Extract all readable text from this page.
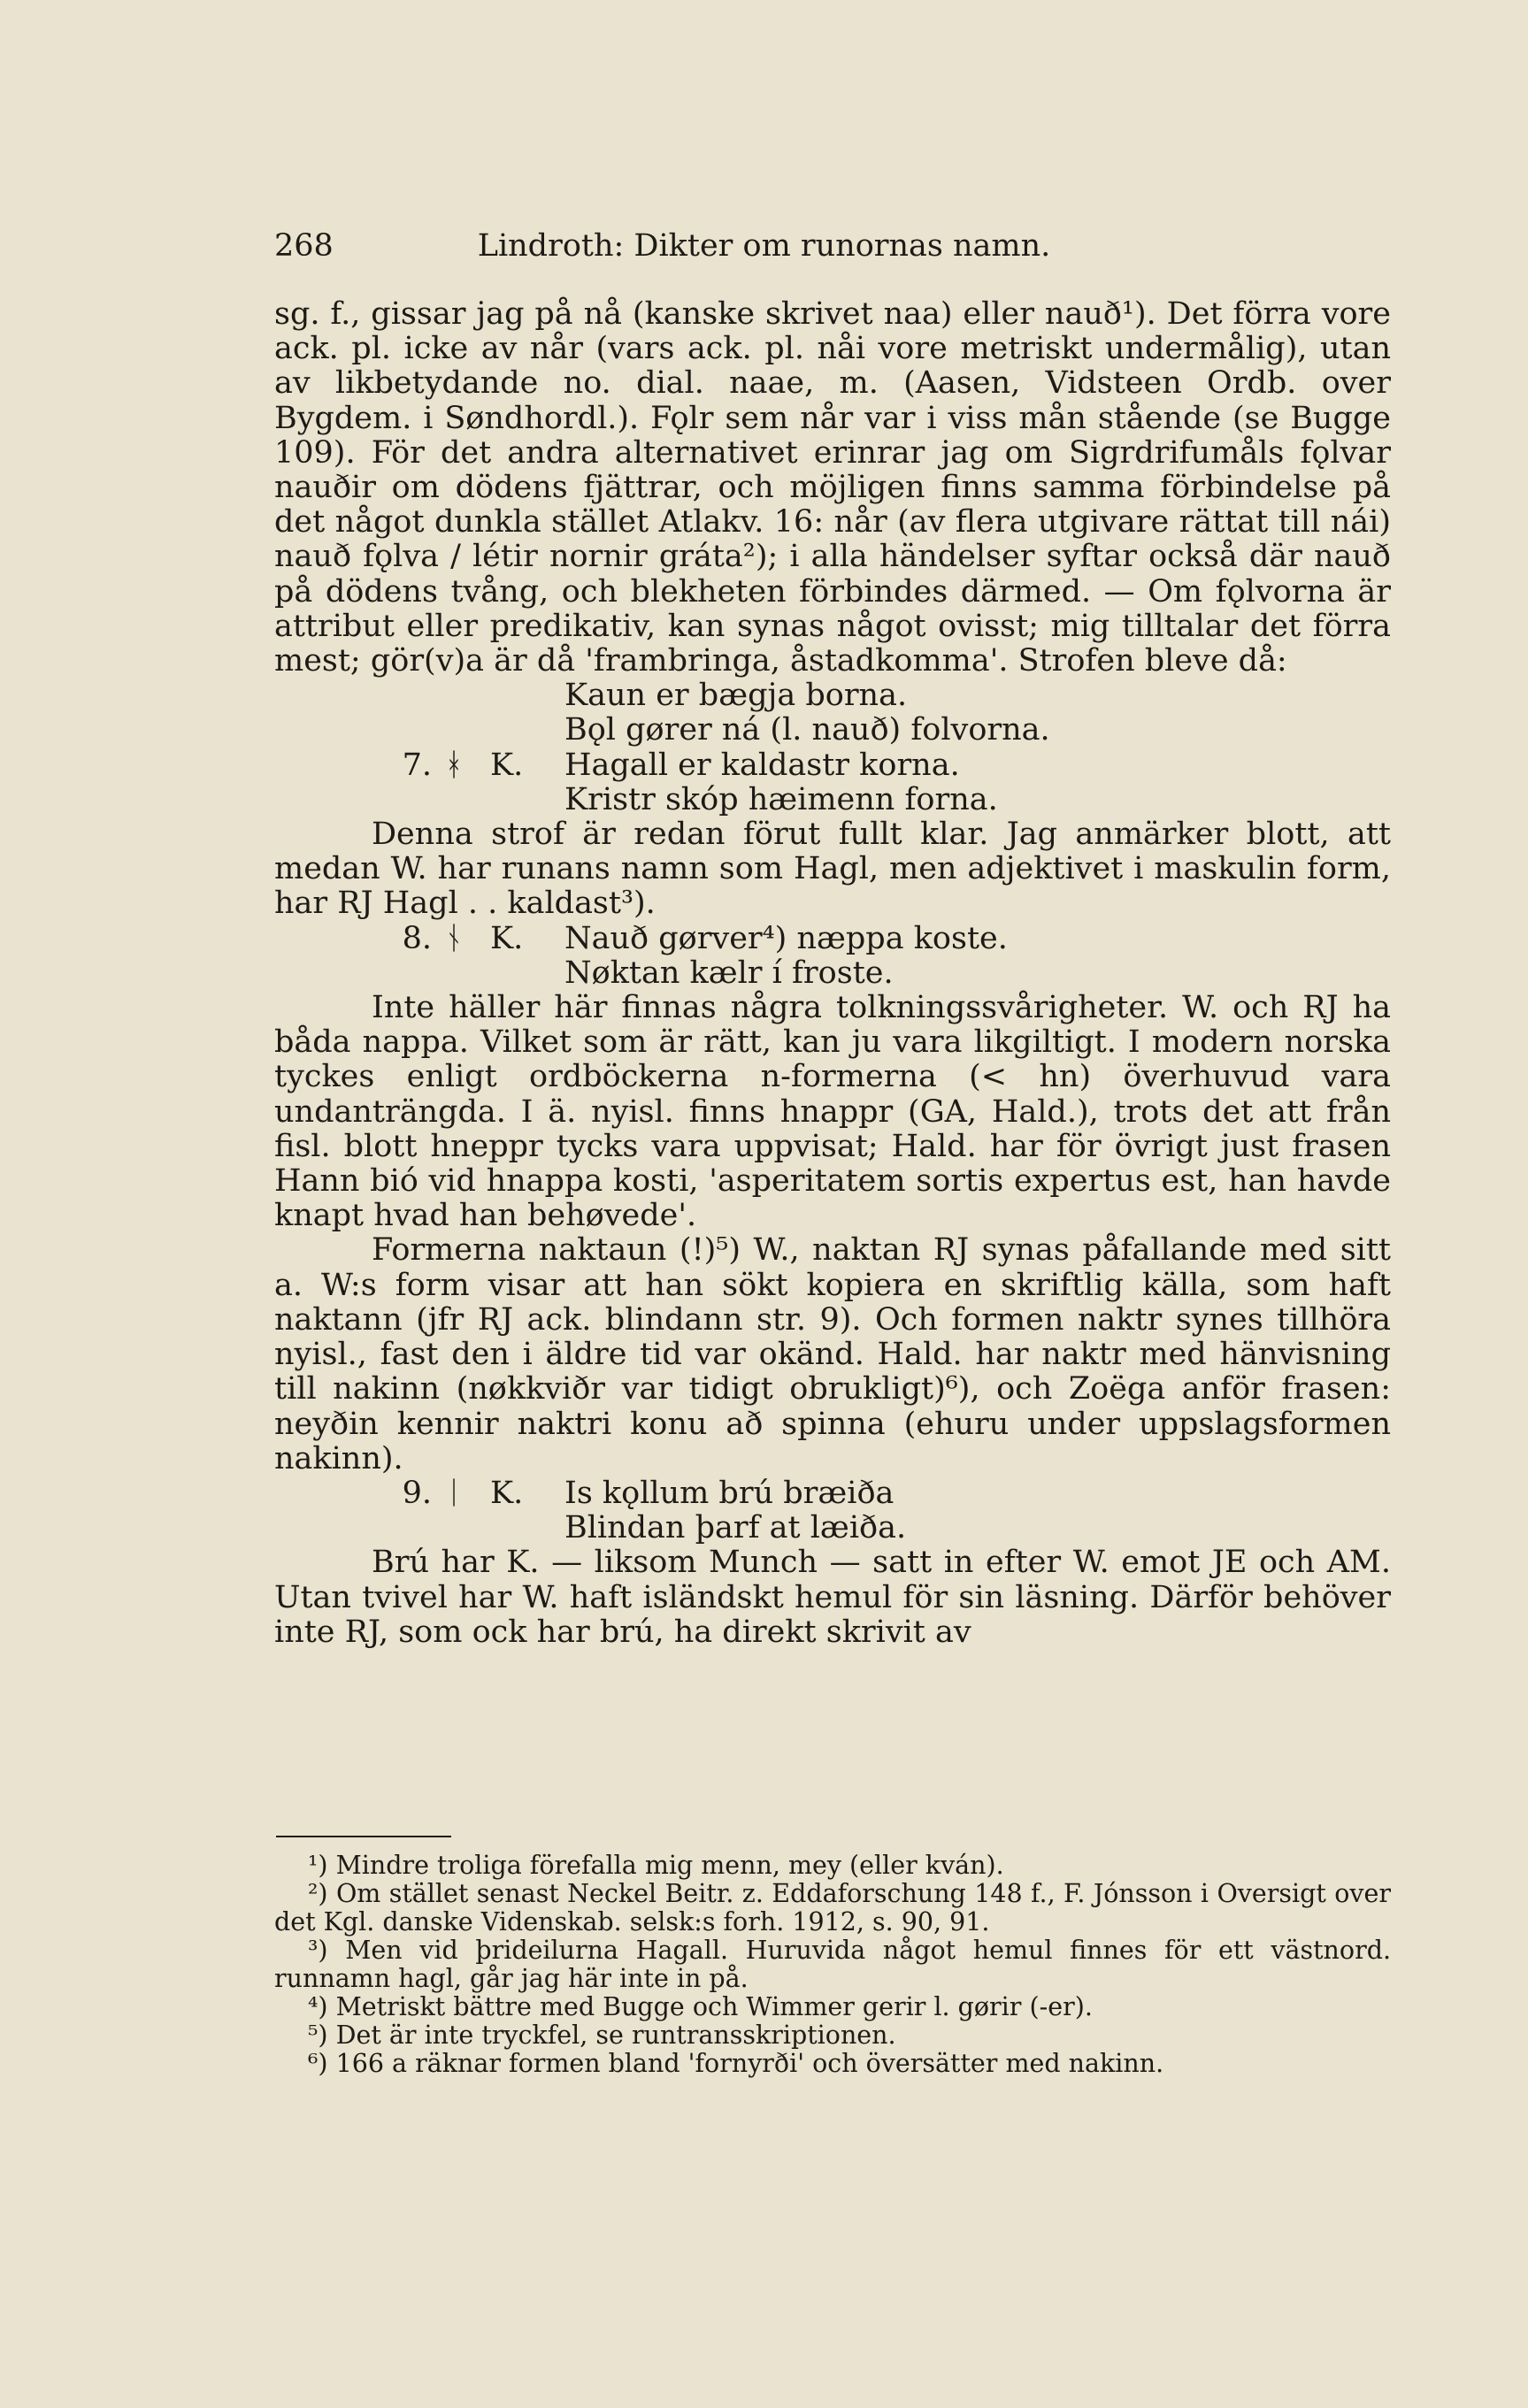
268	Lindroth: Dikter om runornas namn.

sg. f., gissar jag på nå (kanske skrivet naa) eller nauð¹). Det förra vore ack. pl. icke av når (vars ack. pl. nåi vore metriskt undermålig), utan av likbetydande no. dial. naae, m. (Aasen, Vidsteen Ordb. over Bygdem. i Søndhordl.). Fǫlr sem når var i viss mån stående (se Bugge 109). För det andra alternativet erinrar jag om Sigrdrifumåls fǫlvar nauðir om dödens fjättrar, och möjligen finns samma förbindelse på det något dunkla stället Atlakv. 16: når (av flera utgivare rättat till nái) nauð fǫlva / létir nornir gráta²); i alla händelser syftar också där nauð på dödens tvång, och blekheten förbindes därmed. — Om fǫlvorna är attribut eller predikativ, kan synas något ovisst; mig tilltalar det förra mest; gör(v)a är då 'frambringa, åstadkomma'. Strofen bleve då:

Kaun er bægja borna.

Bǫl gører ná (l. nauð) folvorna.

7. ᚼ K. Hagall er kaldastr korna.

Kristr skóp hæimenn forna.

Denna strof är redan förut fullt klar. Jag anmärker blott, att medan W. har runans namn som Hagl, men adjektivet i maskulin form, har RJ Hagl . . kaldast³).

8. ᚾ K. Nauð gørver⁴) næppa koste.

Nøktan kælr í froste.

Inte häller här finnas några tolkningssvårigheter. W. och RJ ha båda nappa. Vilket som är rätt, kan ju vara likgiltigt. I modern norska tyckes enligt ordböckerna n-formerna (< hn) överhuvud vara undanträngda. I ä. nyisl. finns hnappr (GA, Hald.), trots det att från fisl. blott hneppr tycks vara uppvisat; Hald. har för övrigt just frasen Hann bió vid hnappa kosti, 'asperitatem sortis expertus est, han havde knapt hvad han behøvede'.

Formerna naktaun (!)⁵) W., naktan RJ synas påfallande med sitt a. W:s form visar att han sökt kopiera en skriftlig källa, som haft naktann (jfr RJ ack. blindann str. 9). Och formen naktr synes tillhöra nyisl., fast den i äldre tid var okänd. Hald. har naktr med hänvisning till nakinn (nøkkviðr var tidigt obrukligt)⁶), och Zoëga anför frasen: neyðin kennir naktri konu að spinna (ehuru under uppslagsformen nakinn).

9. ᛁ K. Is kǫllum brú bræiða

Blindan þarf at læiða.

Brú har K. — liksom Munch — satt in efter W. emot JE och AM. Utan tvivel har W. haft isländskt hemul för sin läsning. Därför behöver inte RJ, som ock har brú, ha direkt skrivit av

¹) Mindre troliga förefalla mig menn, mey (eller kván).

²) Om stället senast Neckel Beitr. z. Eddaforschung 148 f., F. Jónsson i Oversigt over det Kgl. danske Videnskab. selsk:s forh. 1912, s. 90, 91.

³) Men vid þrideilurna Hagall. Huruvida något hemul finnes för ett västnord. runnamn hagl, går jag här inte in på.

⁴) Metriskt bättre med Bugge och Wimmer gerir l. gørir (-er).

⁵) Det är inte tryckfel, se runtransskriptionen.

⁶) 166 a räknar formen bland 'fornyrði' och översätter med nakinn.
